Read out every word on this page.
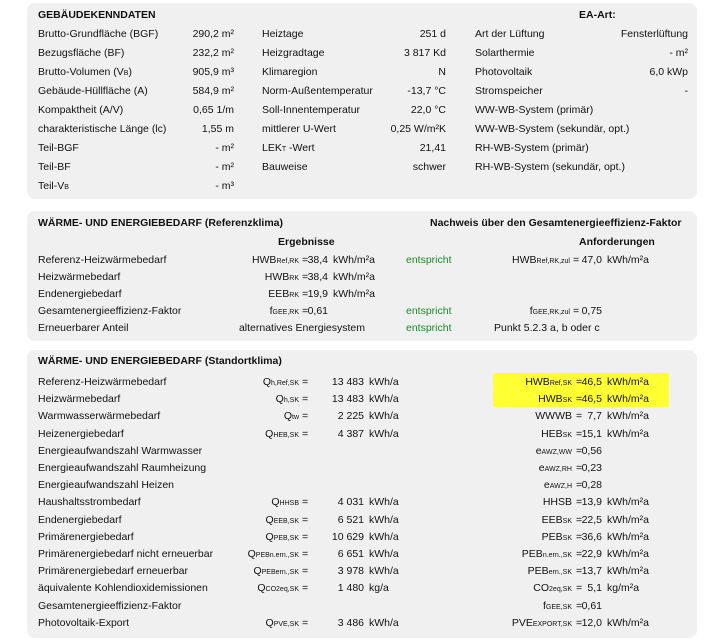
GEBÄUDEKENNDATEN	EA-Art:
WÄRME- UND ENERGIEBEDARF (Referenzklima)	Nachweis über den Gesamtenergieeffizienz-Faktor
Ergebnisse	Anforderungen
WÄRME- UND ENERGIEBEDARF (Standortklima)
Brutto-Grundfläche (BGF)	290,2 m²
Bezugsfläche (BF)	232,2 m²
Brutto-Volumen (VB)	905,9 m³
Gebäude-Hüllfläche (A)	584,9 m²
Kompaktheit (A/V)	0,65 1/m
charakteristische Länge (lc)	1,55 m
Teil-BGF	- m²
Teil-BF	- m²
Teil-VB	- m³
Heiztage	251 d
Heizgradtage	3 817 Kd
Klimaregion	N
Norm-Außentemperatur	-13,7 °C
Soll-Innentemperatur	22,0 °C
mittlerer U-Wert	0,25 W/m²K
LEKT -Wert	21,41
Bauweise	schwer
Art der Lüftung	Fensterlüftung
Solarthermie	- m²
Photovoltaik	6,0 kWp
Stromspeicher	-
WW-WB-System (primär)
WW-WB-System (sekundär, opt.)
RH-WB-System (primär)
RH-WB-System (sekundär, opt.)
Referenz-Heizwärmebedarf	HWBRef,RK = 38,4 kWh/m²a	entspricht	HWBRef,RK,zul = 47,0 kWh/m²a
Heizwärmebedarf	HWBRK = 38,4 kWh/m²a
Endenergiebedarf	EEBRK = 19,9 kWh/m²a
Gesamtenergieeffizienz-Faktor	fGEE,RK = 0,61	entspricht	fGEE,RK,zul = 0,75
Erneuerbarer Anteil	alternatives Energiesystem	entspricht	Punkt 5.2.3 a, b oder c
Referenz-Heizwärmebedarf	Qh,Ref,SK = 13 483 kWh/a	HWBRef,SK = 46,5 kWh/m²a
Heizwärmebedarf	Qh,SK = 13 483 kWh/a	HWBSK = 46,5 kWh/m²a
Warmwasserwärmebedarf	Qtw =	2 225 kWh/a	WWWB = 7,7 kWh/m²a
Heizenergiebedarf	QHEB,SK =	4 387 kWh/a	HEBSK = 15,1 kWh/m²a
Energieaufwandszahl Warmwasser	eAWZ,WW = 0,56
Energieaufwandszahl Raumheizung	eAWZ,RH = 0,23
Energieaufwandszahl Heizen	eAWZ,H = 0,28
Haushaltsstrombedarf	QHHSB =	4 031 kWh/a	HHSB = 13,9 kWh/m²a
Endenergiebedarf	QEEB,SK =	6 521 kWh/a	EEBSK = 22,5 kWh/m²a
Primärenergiebedarf	QPEB,SK = 10 629 kWh/a	PEBSK = 36,6 kWh/m²a
Primärenergiebedarf nicht erneuerbar	QPEBn.ern.,SK =	6 651 kWh/a	PEBn.ern.,SK = 22,9 kWh/m²a
Primärenergiebedarf erneuerbar	QPEBern.,SK =	3 978 kWh/a	PEBern.,SK = 13,7 kWh/m²a
äquivalente Kohlendioxidemissionen	QCO2eq,SK =	1 480 kg/a	CO2eq,SK = 5,1 kg/m²a
Gesamtenergieeffizienz-Faktor	fGEE,SK = 0,61
Photovoltaik-Export	QPVE,SK =	3 486 kWh/a	PVEEXPORT,SK = 12,0 kWh/m²a
